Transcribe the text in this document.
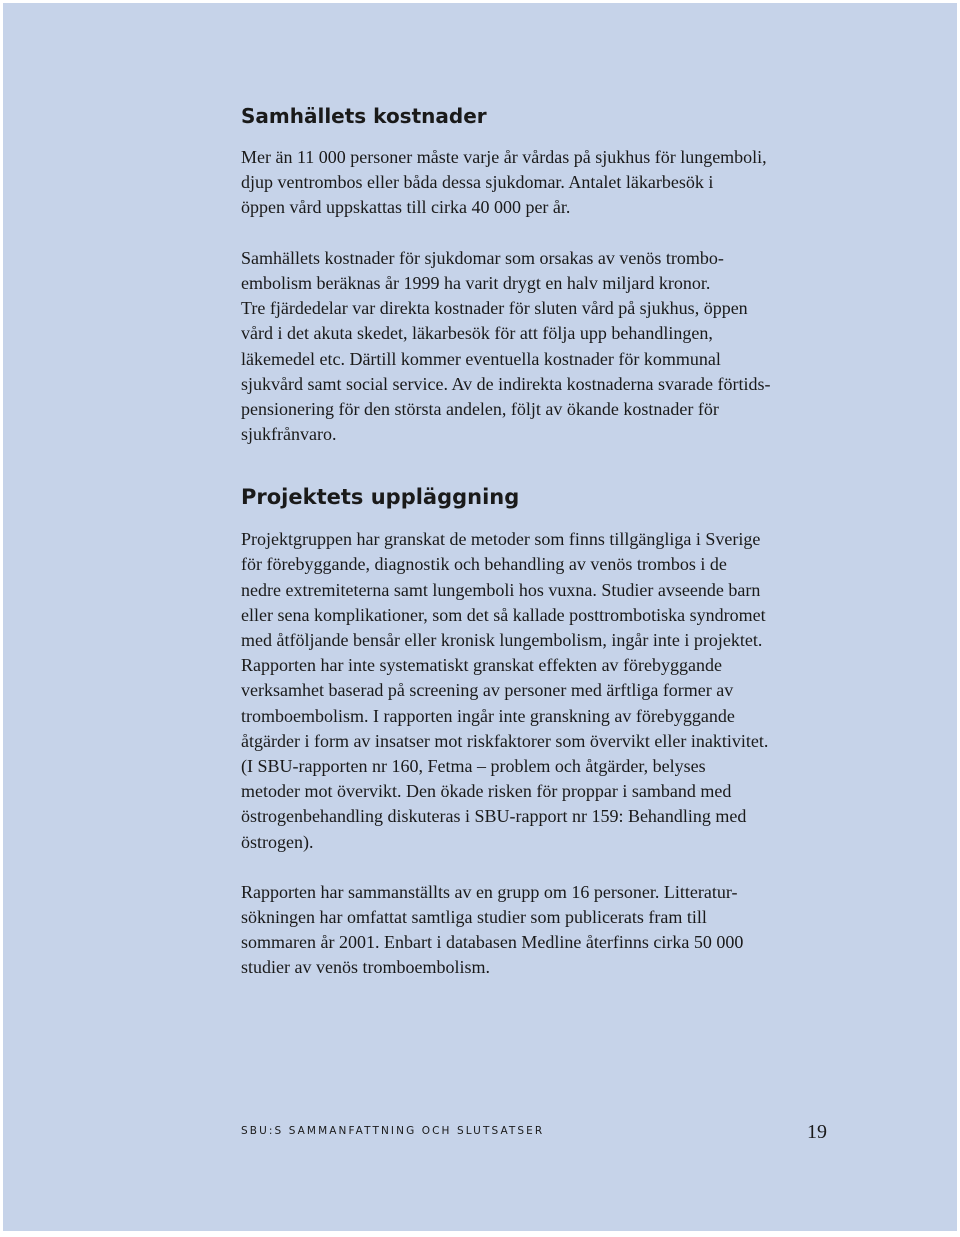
Samhällets kostnader
Mer än 11 000 personer måste varje år vårdas på sjukhus för lungemboli,
djup ventrombos eller båda dessa sjukdomar. Antalet läkarbesök i
öppen vård uppskattas till cirka 40 000 per år.
Samhällets kostnader för sjukdomar som orsakas av venös trombo-
embolism beräknas år 1999 ha varit drygt en halv miljard kronor.
Tre fjärdedelar var direkta kostnader för sluten vård på sjukhus, öppen
vård i det akuta skedet, läkarbesök för att följa upp behandlingen,
läkemedel etc. Därtill kommer eventuella kostnader för kommunal
sjukvård samt social service. Av de indirekta kostnaderna svarade förtids-
pensionering för den största andelen, följt av ökande kostnader för
sjukfrånvaro.
Projektets uppläggning
Projektgruppen har granskat de metoder som finns tillgängliga i Sverige
för förebyggande, diagnostik och behandling av venös trombos i de
nedre extremiteterna samt lungemboli hos vuxna. Studier avseende barn
eller sena komplikationer, som det så kallade posttrombotiska syndromet
med åtföljande bensår eller kronisk lungembolism, ingår inte i projektet.
Rapporten har inte systematiskt granskat effekten av förebyggande
verksamhet baserad på screening av personer med ärftliga former av
tromboembolism. I rapporten ingår inte granskning av förebyggande
åtgärder i form av insatser mot riskfaktorer som övervikt eller inaktivitet.
(I SBU-rapporten nr 160, Fetma – problem och åtgärder, belyses
metoder mot övervikt. Den ökade risken för proppar i samband med
östrogenbehandling diskuteras i SBU-rapport nr 159: Behandling med
östrogen).
Rapporten har sammanställts av en grupp om 16 personer. Litteratur-
sökningen har omfattat samtliga studier som publicerats fram till
sommaren år 2001. Enbart i databasen Medline återfinns cirka 50 000
studier av venös tromboembolism.
SBU:S SAMMANFATTNING OCH SLUTSATSER	19
